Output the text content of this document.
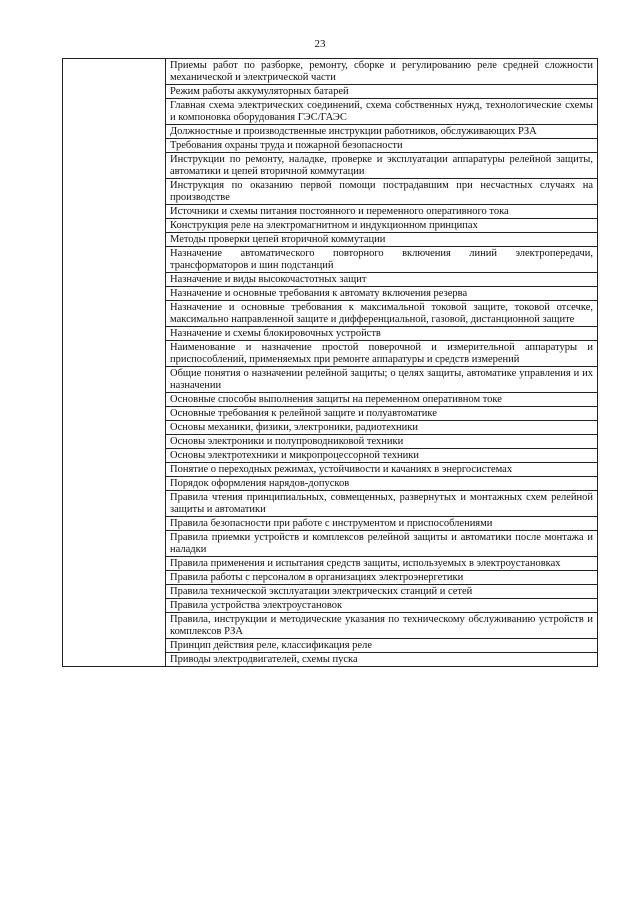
23
	Приемы работ по разборке, ремонту, сборке и регулированию реле средней сложности механической и электрической части
Режим работы аккумуляторных батарей
Главная схема электрических соединений, схема собственных нужд, технологические схемы и компоновка оборудования ГЭС/ГАЭС
Должностные и производственные инструкции работников, обслуживающих РЗА
Требования охраны труда и пожарной безопасности
Инструкции по ремонту, наладке, проверке и эксплуатации аппаратуры релейной защиты, автоматики и цепей вторичной коммутации
Инструкция по оказанию первой помощи пострадавшим при несчастных случаях на производстве
Источники и схемы питания постоянного и переменного оперативного тока
Конструкция реле на электромагнитном и индукционном принципах
Методы проверки цепей вторичной коммутации
Назначение автоматического повторного включения линий электропередачи, трансформаторов и шин подстанций
Назначение и виды высокочастотных защит
Назначение и основные требования к автомату включения резерва
Назначение и основные требования к максимальной токовой защите, токовой отсечке, максимально направленной защите и дифференциальной, газовой, дистанционной защите
Назначение и схемы блокировочных устройств
Наименование и назначение простой поверочной и измерительной аппаратуры и приспособлений, применяемых при ремонте аппаратуры и средств измерений
Общие понятия о назначении релейной защиты; о целях защиты, автоматике управления и их назначении
Основные способы выполнения защиты на переменном оперативном токе
Основные требования к релейной защите и полуавтоматике
Основы механики, физики, электроники, радиотехники
Основы электроники и полупроводниковой техники
Основы электротехники и микропроцессорной техники
Понятие о переходных режимах, устойчивости и качаниях в энергосистемах
Порядок оформления нарядов-допусков
Правила чтения принципиальных, совмещенных, развернутых и монтажных схем релейной защиты и автоматики
Правила безопасности при работе с инструментом и приспособлениями
Правила приемки устройств и комплексов релейной защиты и автоматики после монтажа и наладки
Правила применения и испытания средств защиты, используемых в электроустановках
Правила работы с персоналом в организациях электроэнергетики
Правила технической эксплуатации электрических станций и сетей
Правила устройства электроустановок
Правила, инструкции и методические указания по техническому обслуживанию устройств и комплексов РЗА
Принцип действия реле, классификация реле
Приводы электродвигателей, схемы пуска
